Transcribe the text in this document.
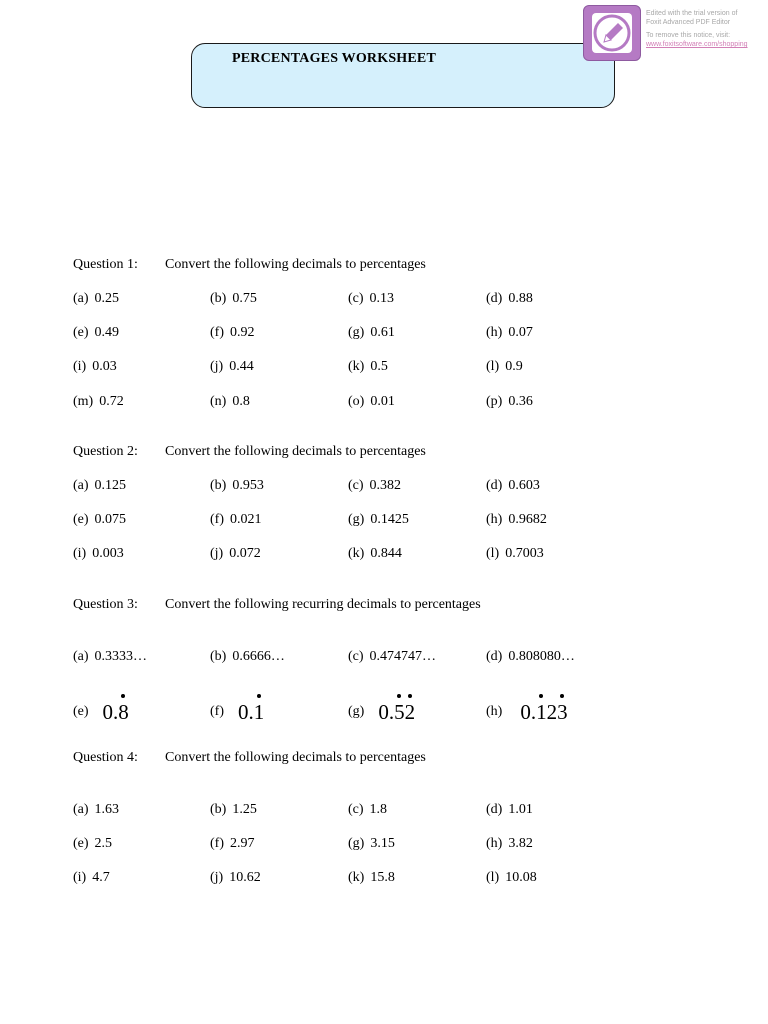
PERCENTAGES WORKSHEET
Edited with the trial version of
Foxit Advanced PDF Editor
To remove this notice, visit:
www.foxitsoftware.com/shopping
Question 1: Convert the following decimals to percentages
Question 2: Convert the following decimals to percentages
Question 3: Convert the following recurring decimals to percentages
Question 4: Convert the following decimals to percentages
(a) 0.25	(b) 0.75	(c) 0.13	(d) 0.88
(e) 0.49	(f) 0.92	(g) 0.61	(h) 0.07
(i) 0.03	(j) 0.44	(k) 0.5	(l) 0.9
(m) 0.72	(n) 0.8	(o) 0.01	(p) 0.36
(a) 0.125	(b) 0.953	(c) 0.382	(d) 0.603
(e) 0.075	(f) 0.021	(g) 0.1425	(h) 0.9682
(i) 0.003	(j) 0.072	(k) 0.844	(l) 0.7003
(a) 0.3333…	(b) 0.6666…	(c) 0.474747…	(d) 0.808080…
(a) 1.63	(b) 1.25	(c) 1.8	(d) 1.01
(e) 2.5	(f) 2.97	(g) 3.15	(h) 3.82
(i) 4.7	(j) 10.62	(k) 15.8	(l) 10.08
(e) 0.8	(f) 0.1	(g) 0.52	(h) 0.123
